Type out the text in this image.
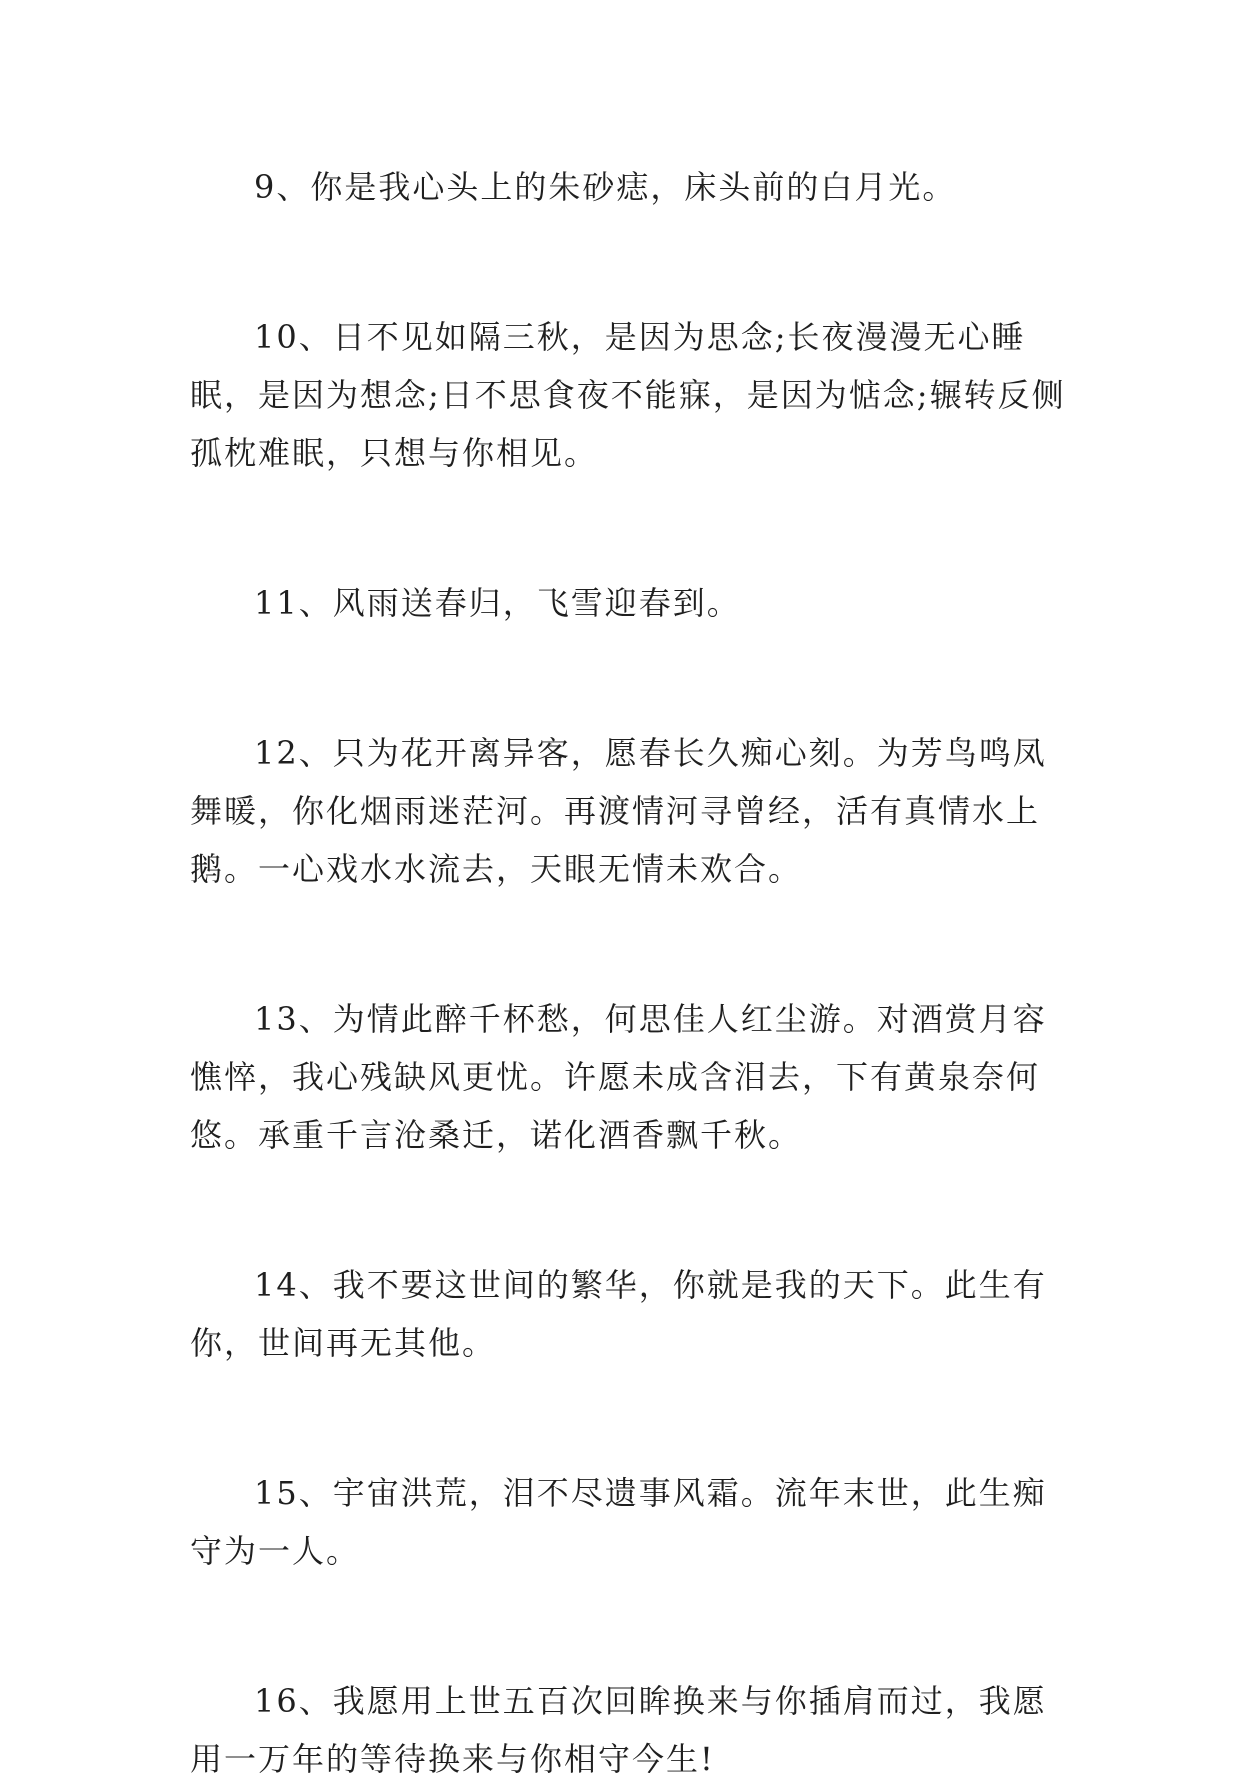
9、你是我心头上的朱砂痣，床头前的白月光。

10、日不见如隔三秋，是因为思念;长夜漫漫无心睡眠，是因为想念;日不思食夜不能寐，是因为惦念;辗转反侧孤枕难眠，只想与你相见。

11、风雨送春归，飞雪迎春到。

12、只为花开离异客，愿春长久痴心刻。为芳鸟鸣凤舞暖，你化烟雨迷茫河。再渡情河寻曾经，活有真情水上鹅。一心戏水水流去，天眼无情未欢合。

13、为情此醉千杯愁，何思佳人红尘游。对酒赏月容憔悴，我心残缺风更忧。许愿未成含泪去，下有黄泉奈何悠。承重千言沧桑迁，诺化酒香飘千秋。

14、我不要这世间的繁华，你就是我的天下。此生有你，世间再无其他。

15、宇宙洪荒，泪不尽遗事风霜。流年末世，此生痴守为一人。

16、我愿用上世五百次回眸换来与你插肩而过，我愿用一万年的等待换来与你相守今生!
